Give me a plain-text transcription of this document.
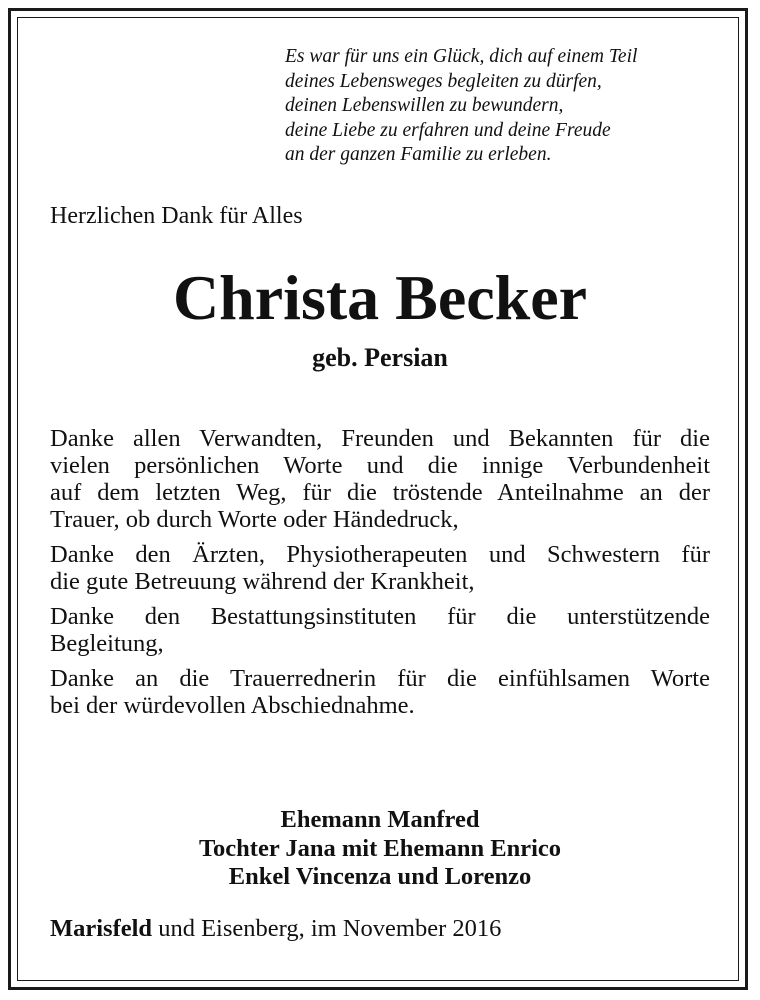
Es war für uns ein Glück, dich auf einem Teil
deines Lebensweges begleiten zu dürfen,
deinen Lebenswillen zu bewundern,
deine Liebe zu erfahren und deine Freude
an der ganzen Familie zu erleben.
Herzlichen Dank für Alles
Christa Becker
geb. Persian
Danke allen Verwandten, Freunden und Bekannten für die
vielen persönlichen Worte und die innige Verbundenheit
auf dem letzten Weg, für die tröstende Anteilnahme an der
Trauer, ob durch Worte oder Händedruck,
Danke den Ärzten, Physiotherapeuten und Schwestern für
die gute Betreuung während der Krankheit,
Danke den Bestattungsinstituten für die unterstützende
Begleitung,
Danke an die Trauerrednerin für die einfühlsamen Worte
bei der würdevollen Abschiednahme.
Ehemann Manfred
Tochter Jana mit Ehemann Enrico
Enkel Vincenza und Lorenzo
Marisfeld und Eisenberg, im November 2016
